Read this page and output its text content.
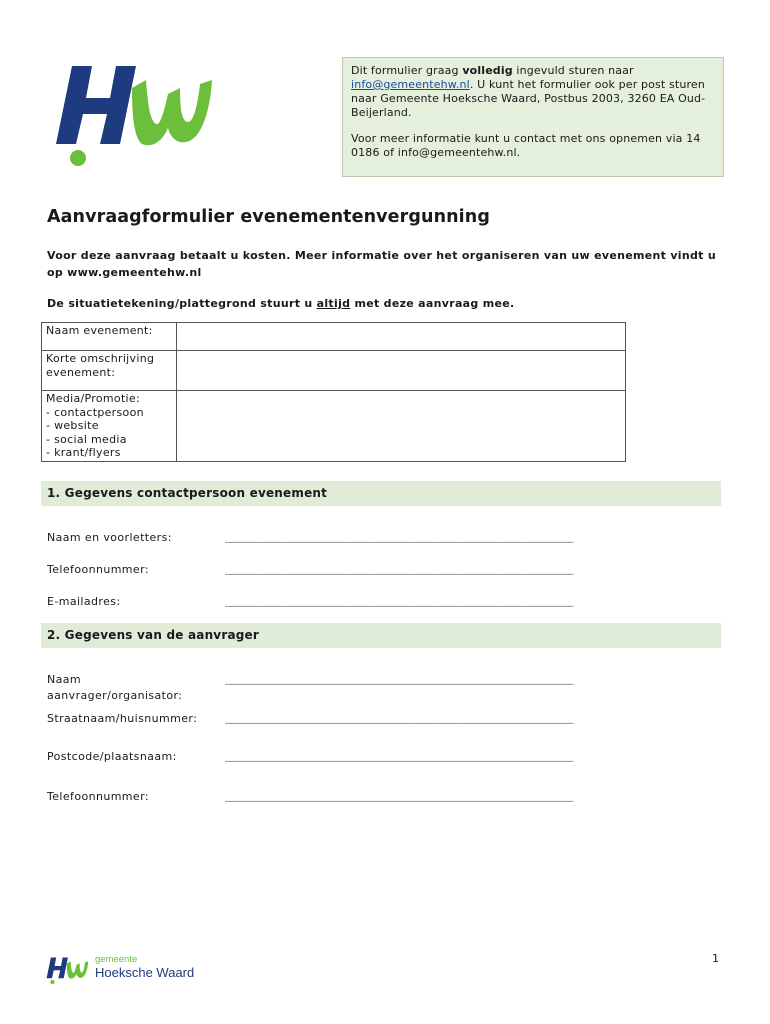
Dit formulier graag volledig ingevuld sturen naar info@gemeentehw.nl. U kunt het formulier ook per post sturen naar Gemeente Hoeksche Waard, Postbus 2003, 3260 EA Oud-Beijerland.

Voor meer informatie kunt u contact met ons opnemen via 14 0186 of info@gemeentehw.nl.

Aanvraagformulier evenementenvergunning
Voor deze aanvraag betaalt u kosten. Meer informatie over het organiseren van uw evenement vindt u op www.gemeentehw.nl
De situatietekening/plattegrond stuurt u altijd met deze aanvraag mee.
Naam evenement:	
Korte omschrijving evenement:	

Media/Promotie:
- contactpersoon
- website
- social media
- krant/flyers	

1. Gegevens contactpersoon evenement
Naam en voorletters:	_______________________________________________________________________
Telefoonnummer:	_______________________________________________________________________
E-mailadres:	_______________________________________________________________________
2. Gegevens van de aanvrager
Naam aanvrager/organisator:
_______________________________________________________________________
Straatnaam/huisnummer:	_______________________________________________________________________
Postcode/plaatsnaam:	_______________________________________________________________________
Telefoonnummer:	_______________________________________________________________________
gemeente
Hoeksche Waard
1
